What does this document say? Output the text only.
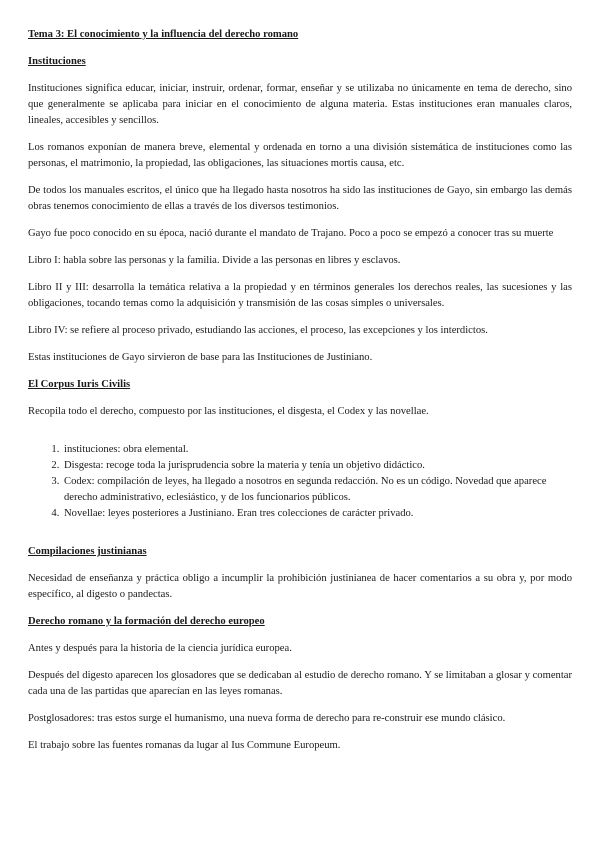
Tema 3: El conocimiento y la influencia del derecho romano

Instituciones

Instituciones significa educar, iniciar, instruir, ordenar, formar, enseñar y se utilizaba no únicamente en tema de derecho, sino que generalmente se aplicaba para iniciar en el conocimiento de alguna materia. Estas instituciones eran manuales claros, lineales, accesibles y sencillos.

Los romanos exponían de manera breve, elemental y ordenada en torno a una división sistemática de instituciones como las personas, el matrimonio, la propiedad, las obligaciones, las situaciones mortis causa, etc.

De todos los manuales escritos, el único que ha llegado hasta nosotros ha sido las instituciones de Gayo, sin embargo las demás obras tenemos conocimiento de ellas a través de los diversos testimonios.

Gayo fue poco conocido en su época, nació durante el mandato de Trajano. Poco a poco se empezó a conocer tras su muerte

Libro I: habla sobre las personas y la familia. Divide a las personas en libres y esclavos.

Libro II y III: desarrolla la temática relativa a la propiedad y en términos generales los derechos reales, las sucesiones y las obligaciones, tocando temas como la adquisición y transmisión de las cosas simples o universales.

Libro IV: se refiere al proceso privado, estudiando las acciones, el proceso, las excepciones y los interdictos.

Estas instituciones de Gayo sirvieron de base para las Instituciones de Justiniano.

El Corpus Iuris Civilis

Recopila todo el derecho, compuesto por las instituciones, el disgesta, el Codex y las novellae.

1. instituciones: obra elemental.
2. Disgesta: recoge toda la jurisprudencia sobre la materia y tenía un objetivo didáctico.
3. Codex: compilación de leyes, ha llegado a nosotros en segunda redacción. No es un código. Novedad que aparece derecho administrativo, eclesiástico, y de los funcionarios públicos.
4. Novellae: leyes posteriores a Justiniano. Eran tres colecciones de carácter privado.

Compilaciones justinianas

Necesidad de enseñanza y práctica obligo a incumplir la prohibición justinianea de hacer comentarios a su obra y, por modo específico, al digesto o pandectas.

Derecho romano y la formación del derecho europeo

Antes y después para la historia de la ciencia jurídica europea.

Después del digesto aparecen los glosadores que se dedicaban al estudio de derecho romano. Y se limitaban a glosar y comentar cada una de las partidas que aparecían en las leyes romanas.

Postglosadores: tras estos surge el humanismo, una nueva forma de derecho para re-construir ese mundo clásico.

El trabajo sobre las fuentes romanas da lugar al Ius Commune Europeum.
